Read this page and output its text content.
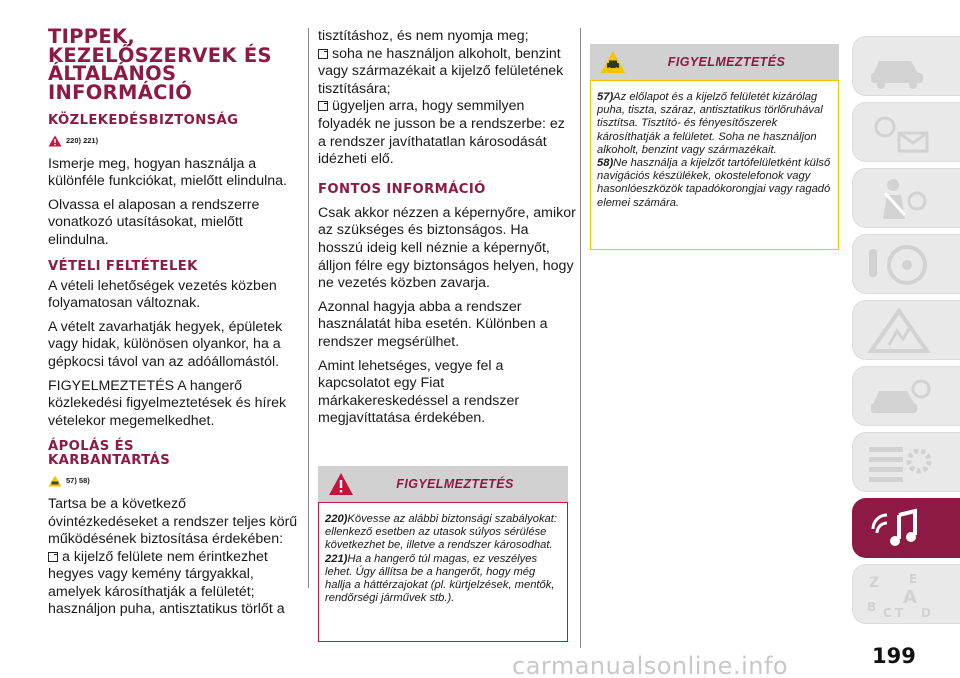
TIPPEK,
KEZELŐSZERVEK ÉS
ÁLTALÁNOS
INFORMÁCIÓ
KÖZLEKEDÉSBIZTONSÁG
220) 221)

Ismerje meg, hogyan használja a különféle funkciókat, mielőtt elindulna.

Olvassa el alaposan a rendszerre vonatkozó utasításokat, mielőtt elindulna.

VÉTELI FELTÉTELEK

A vételi lehetőségek vezetés közben folyamatosan változnak.

A vételt zavarhatják hegyek, épületek vagy hidak, különösen olyankor, ha a gépkocsi távol van az adóállomástól.

FIGYELMEZTETÉS A hangerő közlekedési figyelmeztetések és hírek vételekor megemelkedhet.

ÁPOLÁS ÉS
KARBANTARTÁS
57) 58)

Tartsa be a következő óvintézkedéseket a rendszer teljes körű működésének biztosítása érdekében:

a kijelző felülete nem érintkezhet hegyes vagy kemény tárgyakkal, amelyek károsíthatják a felületét;

használjon puha, antisztatikus törlőt a

tisztításhoz, és nem nyomja meg;

soha ne használjon alkoholt, benzint vagy származékait a kijelző felületének tisztítására;

ügyeljen arra, hogy semmilyen folyadék ne jusson be a rendszerbe: ez a rendszer javíthatatlan károsodását idézheti elő.

FONTOS INFORMÁCIÓ

Csak akkor nézzen a képernyőre, amikor az szükséges és biztonságos. Ha hosszú ideig kell néznie a képernyőt, álljon félre egy biztonságos helyen, hogy ne vezetés közben zavarja.

Azonnal hagyja abba a rendszer használatát hiba esetén. Különben a rendszer megsérülhet.

Amint lehetséges, vegye fel a kapcsolatot egy Fiat márkakereskedéssel a rendszer megjavíttatása érdekében.

FIGYELMEZTETÉS
220)Kövesse az alábbi biztonsági szabályokat: ellenkező esetben az utasok súlyos sérülése következhet be, illetve a rendszer károsodhat.
221)Ha a hangerő túl magas, ez veszélyes lehet. Úgy állítsa be a hangerőt, hogy még hallja a háttérzajokat (pl. kürtjelzések, mentők, rendőrségi járművek stb.).
FIGYELMEZTETÉS
57)Az előlapot és a kijelző felületét kizárólag puha, tiszta, száraz, antisztatikus törlőruhával tisztítsa. Tisztító- és fényesítőszerek károsíthatják a felületet. Soha ne használjon alkoholt, benzint vagy származékait.
58)Ne használja a kijelzőt tartófelületként külső navigációs készülékek, okostelefonok vagy hasonlóeszközök tapadókorongjai vagy ragadó elemei számára.
Z E
B C T
A
D
carmanualsonline.info	199
